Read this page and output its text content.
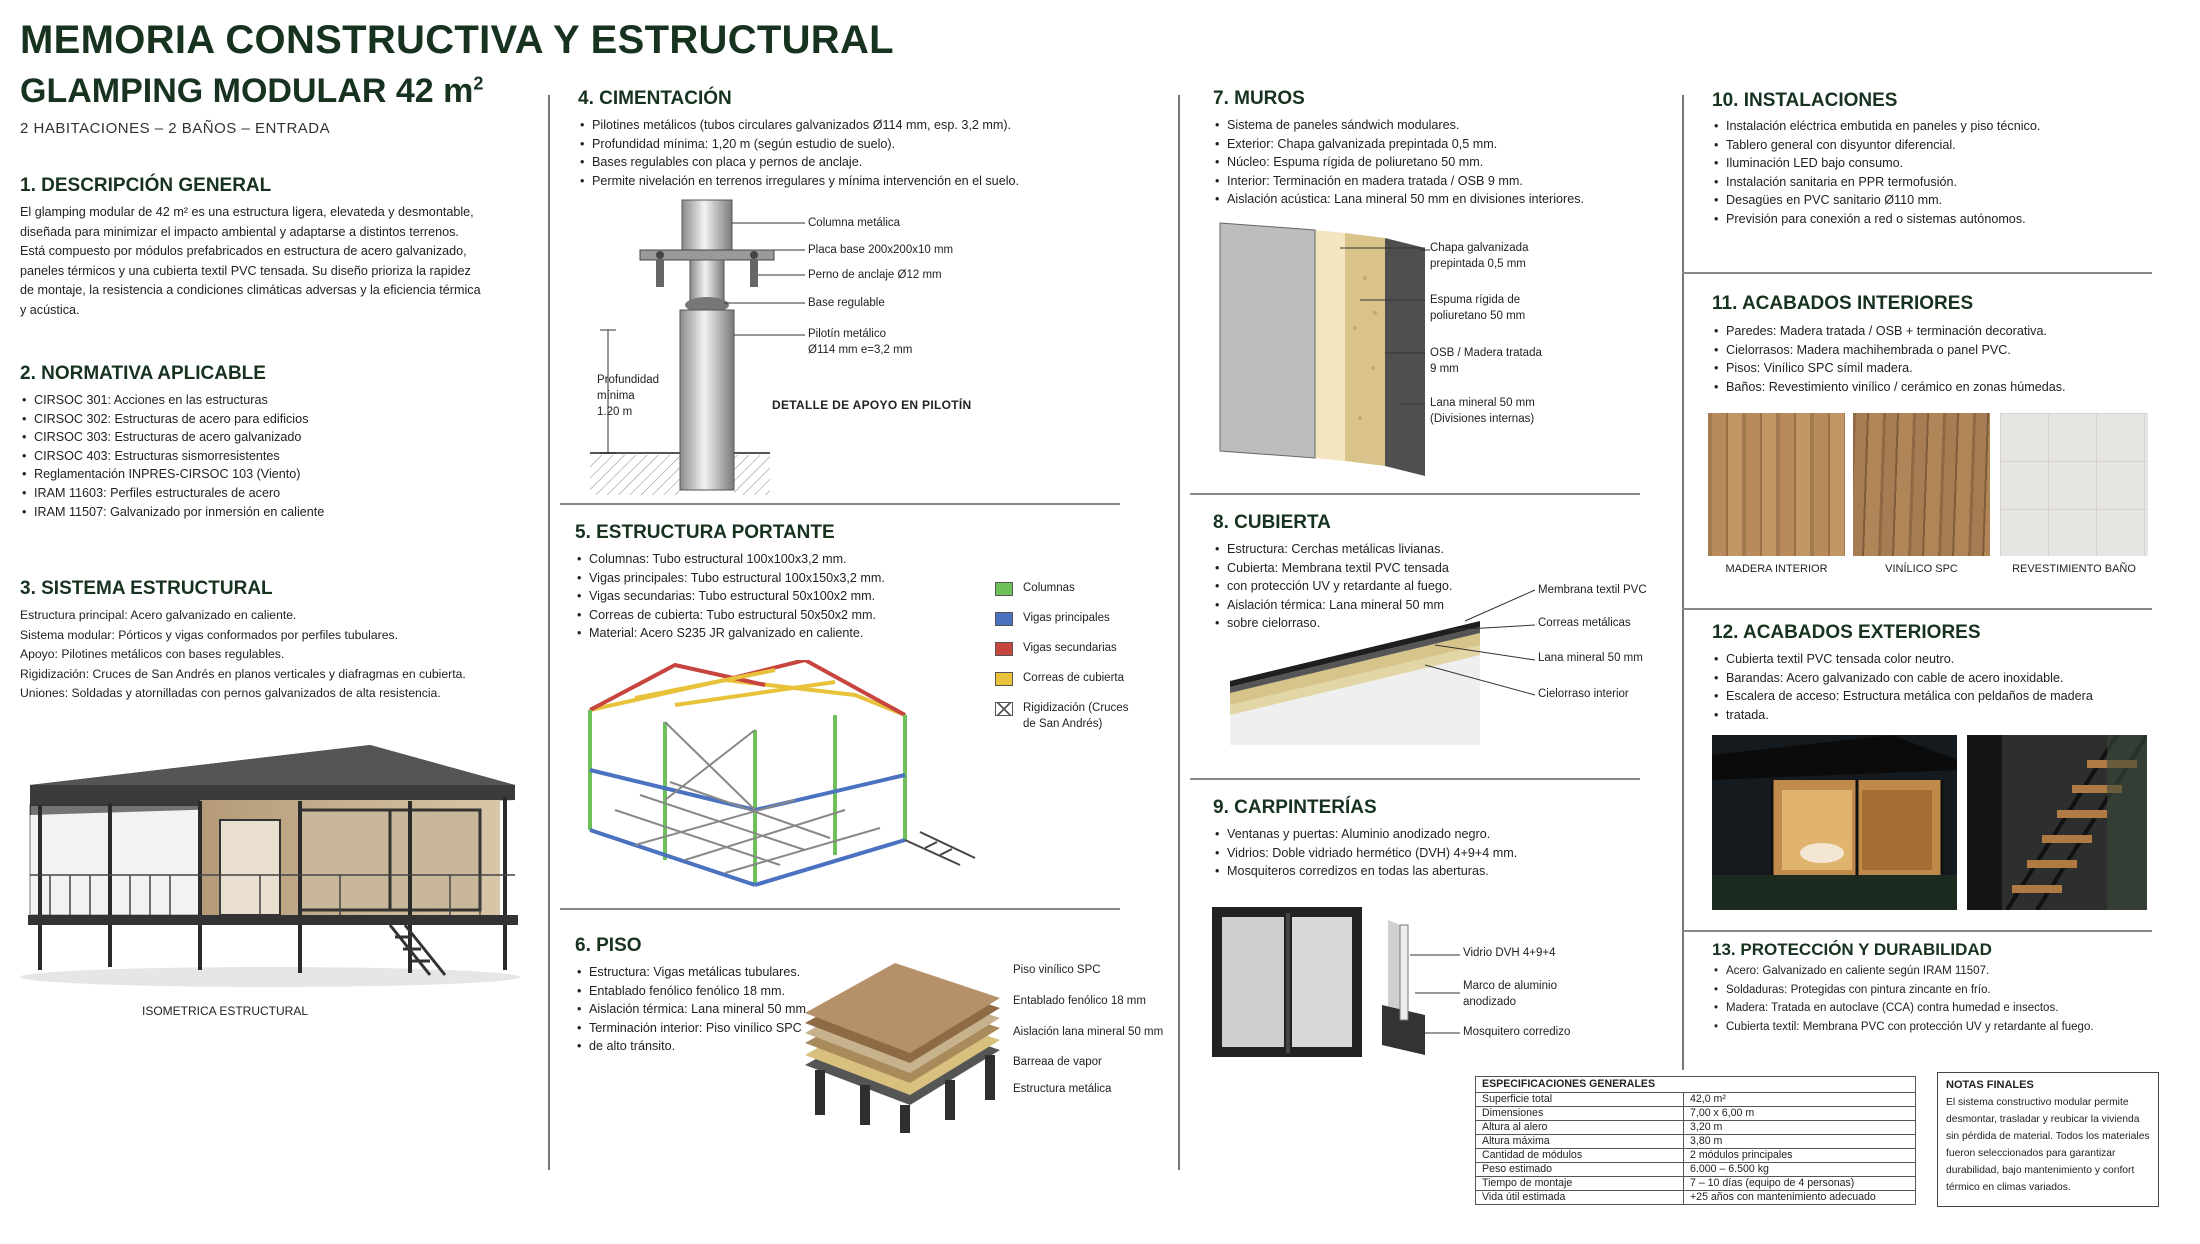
MEMORIA CONSTRUCTIVA Y ESTRUCTURAL
GLAMPING MODULAR 42 $m^2$
2 HABITACIONES – 2 BAÑOS – ENTRADA
1. DESCRIPCIÓN GENERAL
El glamping modular de 42 m² es una estructura ligera, elevateda y desmontable,
diseñada para minimizar el impacto ambiental y adaptarse a distintos terrenos.
Está compuesto por módulos prefabricados en estructura de acero galvanizado,
paneles térmicos y una cubierta textil PVC tensada. Su diseño prioriza la rapidez
de montaje, la resistencia a condiciones climáticas adversas y la eficiencia térmica
y acústica.
2. NORMATIVA APLICABLE
• CIRSOC 301: Acciones en las estructuras
• CIRSOC 302: Estructuras de acero para edificios
• CIRSOC 303: Estructuras de acero galvanizado
• CIRSOC 403: Estructuras sismorresistentes
• Reglamentación INPRES-CIRSOC 103 (Viento)
• IRAM 11603: Perfiles estructurales de acero
• IRAM 11507: Galvanizado por inmersión en caliente
3. SISTEMA ESTRUCTURAL
Estructura principal: Acero galvanizado en caliente.
Sistema modular: Pórticos y vigas conformados por perfiles tubulares.
Apoyo: Pilotines metálicos con bases regulables.
Rigidización: Cruces de San Andrés en planos verticales y diafragmas en cubierta.
Uniones: Soldadas y atornilladas con pernos galvanizados de alta resistencia.
ISOMETRICA ESTRUCTURAL
4. CIMENTACIÓN
• Pilotines metálicos (tubos circulares galvanizados Ø114 mm, esp. 3,2 mm).
• Profundidad mínima: 1,20 m (según estudio de suelo).
• Bases regulables con placa y pernos de anclaje.
• Permite nivelación en terrenos irregulares y mínima intervención en el suelo.
Columna metálica
Placa base 200x200x10 mm
Perno de anclaje Ø12 mm
Base regulable
Pilotín metálico
Ø114 mm e=3,2 mm
Profundidad
mínima
1.20 m	DETALLE DE APOYO EN PILOTÍN
5. ESTRUCTURA PORTANTE
• Columnas: Tubo estructural 100x100x3,2 mm.
• Vigas principales: Tubo estructural 100x150x3,2 mm.
• Vigas secundarias: Tubo estructural 50x100x2 mm.
• Correas de cubierta: Tubo estructural 50x50x2 mm.
• Material: Acero S235 JR galvanizado en caliente.
Columnas
Vigas principales
Vigas secundarias
Correas de cubierta
Rigidización (Cruces
de San Andrés)
6. PISO
• Estructura: Vigas metálicas tubulares.
• Entablado fenólico fenólico 18 mm.
• Aislación térmica: Lana mineral 50 mm.
• Terminación interior: Piso vinílico SPC
• de alto tránsito.
Piso vinílico SPC
Entablado fenólico 18 mm
Aislación lana mineral 50 mm
Barreaa de vapor
Estructura metálica
7. MUROS
• Sistema de paneles sándwich modulares.
• Exterior: Chapa galvanizada prepintada 0,5 mm.
• Núcleo: Espuma rígida de poliuretano 50 mm.
• Interior: Terminación en madera tratada / OSB 9 mm.
• Aislación acústica: Lana mineral 50 mm en divisiones interiores.
Chapa galvanizada
prepintada 0,5 mm
Espuma rígida de
poliuretano 50 mm
OSB / Madera tratada
9 mm
Lana mineral 50 mm
(Divisiones internas)
8. CUBIERTA
• Estructura: Cerchas metálicas livianas.
• Cubierta: Membrana textil PVC tensada
• con protección UV y retardante al fuego.
• Aislación térmica: Lana mineral 50 mm
• sobre cielorraso.
Membrana textil PVC
Correas metálicas
Lana mineral 50 mm
Cielorraso interior
9. CARPINTERÍAS
• Ventanas y puertas: Aluminio anodizado negro.
• Vidrios: Doble vidriado hermético (DVH) 4+9+4 mm.
• Mosquiteros corredizos en todas las aberturas.
Vidrio DVH 4+9+4
Marco de aluminio
anodizado
Mosquitero corredizo
ESPECIFICACIONES GENERALES	
Superficie total	42,0 m²
Dimensiones	7,00 x 6,00 m
Altura al alero	3,20 m
Altura máxima	3,80 m
Cantidad de módulos	2 módulos principales
Peso estimado	6.000 – 6.500 kg
Tiempo de montaje	7 – 10 días (equipo de 4 personas)
Vida útil estimada	+25 años con mantenimiento adecuado
10. INSTALACIONES
• Instalación eléctrica embutida en paneles y piso técnico.
• Tablero general con disyuntor diferencial.
• Iluminación LED bajo consumo.
• Instalación sanitaria en PPR termofusión.
• Desagües en PVC sanitario Ø110 mm.
• Previsión para conexión a red o sistemas autónomos.
11. ACABADOS INTERIORES
• Paredes: Madera tratada / OSB + terminación decorativa.
• Cielorrasos: Madera machihembrada o panel PVC.
• Pisos: Vinílico SPC símil madera.
• Baños: Revestimiento vinílico / cerámico en zonas húmedas.
MADERA INTERIOR	VINÍLICO SPC	REVESTIMIENTO BAÑO
12. ACABADOS EXTERIORES
• Cubierta textil PVC tensada color neutro.
• Barandas: Acero galvanizado con cable de acero inoxidable.
• Escalera de acceso: Estructura metálica con peldaños de madera
• tratada.
13. PROTECCIÓN Y DURABILIDAD
• Acero: Galvanizado en caliente según IRAM 11507.
• Soldaduras: Protegidas con pintura zincante en frío.
• Madera: Tratada en autoclave (CCA) contra humedad e insectos.
• Cubierta textil: Membrana PVC con protección UV y retardante al fuego.
NOTAS FINALES
El sistema constructivo modular permite
desmontar, trasladar y reubicar la vivienda
sin pérdida de material. Todos los materiales
fueron seleccionados para garantizar
durabilidad, bajo mantenimiento y confort
térmico en climas variados.
